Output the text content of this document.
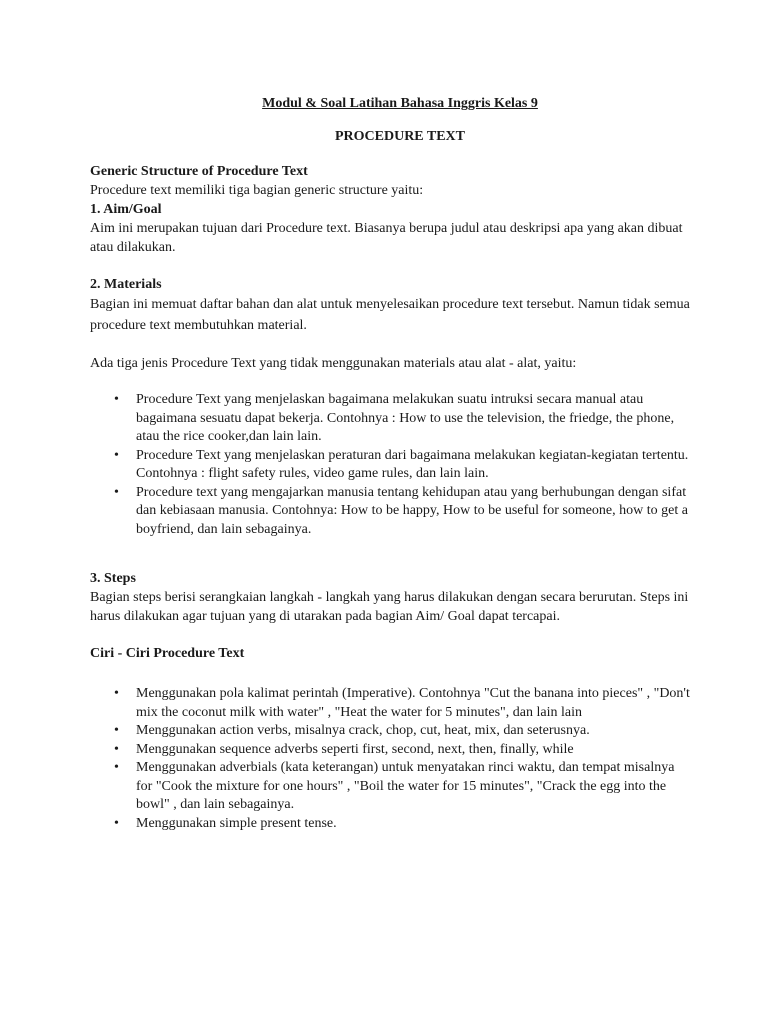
Modul & Soal Latihan Bahasa Inggris Kelas 9
PROCEDURE TEXT
Generic Structure of Procedure Text

Procedure text memiliki tiga bagian generic structure yaitu:

1. Aim/Goal

Aim ini merupakan tujuan dari Procedure text. Biasanya berupa judul atau deskripsi apa yang akan dibuat atau dilakukan.

2. Materials

Bagian ini memuat daftar bahan dan alat untuk menyelesaikan procedure text tersebut. Namun tidak semua procedure text membutuhkan material.

Ada tiga jenis Procedure Text yang tidak menggunakan materials atau alat - alat, yaitu:

• Procedure Text yang menjelaskan bagaimana melakukan suatu intruksi secara manual atau bagaimana sesuatu dapat bekerja. Contohnya : How to use the television, the friedge, the phone, atau the rice cooker,dan lain lain.
• Procedure Text yang menjelaskan peraturan dari bagaimana melakukan kegiatan-kegiatan tertentu. Contohnya : flight safety rules, video game rules, dan lain lain.
• Procedure text yang mengajarkan manusia tentang kehidupan atau yang berhubungan dengan sifat dan kebiasaan manusia. Contohnya: How to be happy, How to be useful for someone, how to get a boyfriend, dan lain sebagainya.
3. Steps

Bagian steps berisi serangkaian langkah - langkah yang harus dilakukan dengan secara berurutan. Steps ini harus dilakukan agar tujuan yang di utarakan pada bagian Aim/ Goal dapat tercapai.

Ciri - Ciri Procedure Text
• Menggunakan pola kalimat perintah (Imperative). Contohnya "Cut the banana into pieces" , "Don't mix the coconut milk with water" , "Heat the water for 5 minutes", dan lain lain
• Menggunakan action verbs, misalnya crack, chop, cut, heat, mix, dan seterusnya.
• Menggunakan sequence adverbs seperti first, second, next, then, finally, while
• Menggunakan adverbials (kata keterangan) untuk menyatakan rinci waktu, dan tempat misalnya for "Cook the mixture for one hours" , "Boil the water for 15 minutes", "Crack the egg into the bowl" , dan lain sebagainya.
• Menggunakan simple present tense.
